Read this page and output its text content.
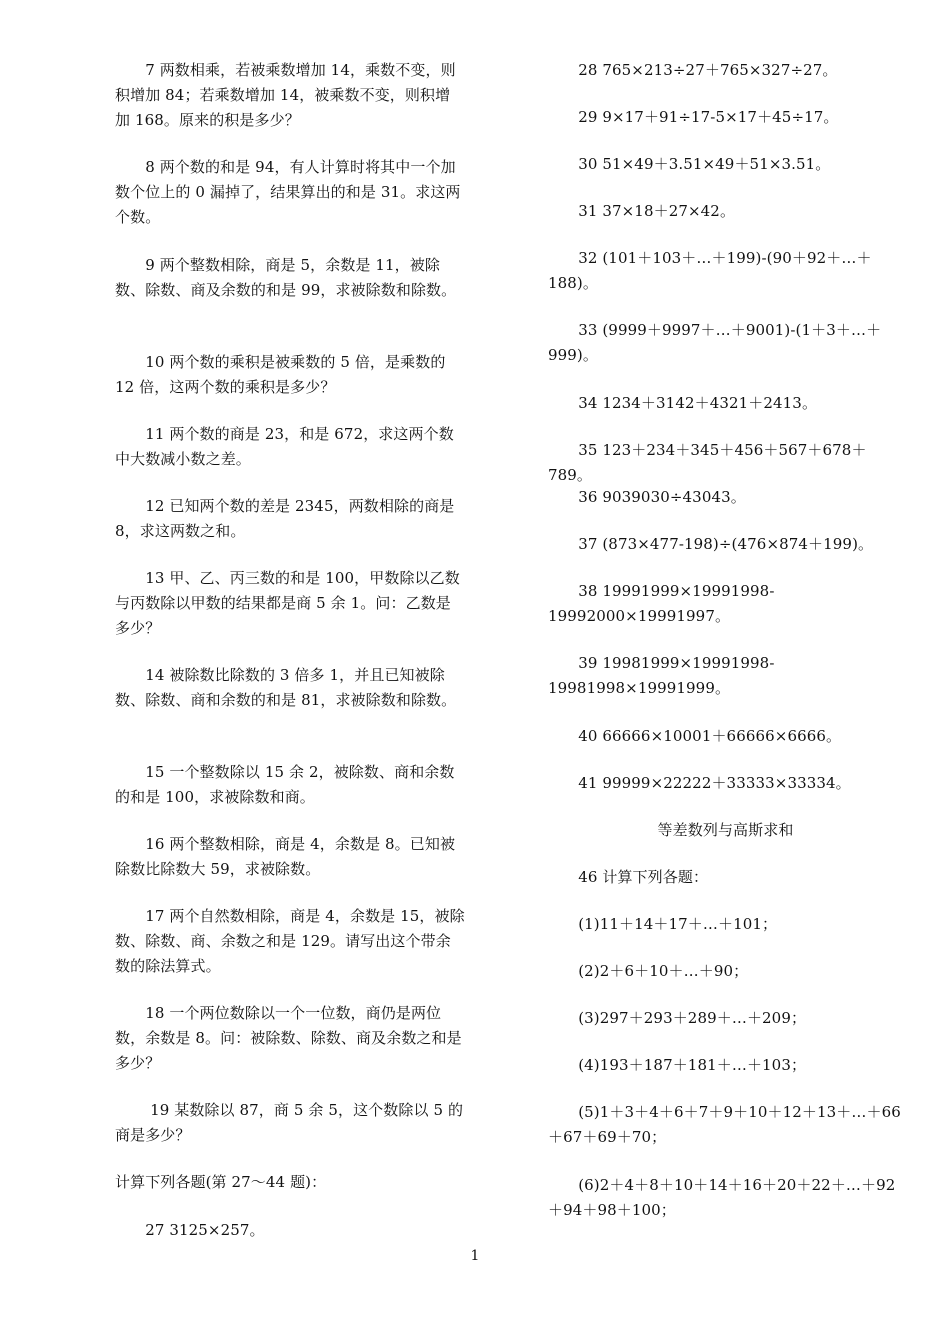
　　7 两数相乘，若被乘数增加 14，乘数不变，则积增加 84；若乘数增加 14，被乘数不变，则积增加 168。原来的积是多少？
　　8 两个数的和是 94，有人计算时将其中一个加数个位上的 0 漏掉了，结果算出的和是 31。求这两个数。
　　9 两个整数相除，商是 5，余数是 11，被除数、除数、商及余数的和是 99，求被除数和除数。
　　10 两个数的乘积是被乘数的 5 倍，是乘数的 12 倍，这两个数的乘积是多少？
　　11 两个数的商是 23，和是 672，求这两个数中大数减小数之差。
　　12 已知两个数的差是 2345，两数相除的商是 8，求这两数之和。
　　13 甲、乙、丙三数的和是 100，甲数除以乙数与丙数除以甲数的结果都是商 5 余 1。问：乙数是多少？
　　14 被除数比除数的 3 倍多 1，并且已知被除数、除数、商和余数的和是 81，求被除数和除数。
　　15 一个整数除以 15 余 2，被除数、商和余数的和是 100，求被除数和商。
　　16 两个整数相除，商是 4，余数是 8。已知被除数比除数大 59，求被除数。
　　17 两个自然数相除，商是 4，余数是 15，被除数、除数、商、余数之和是 129。请写出这个带余数的除法算式。
　　18 一个两位数除以一个一位数，商仍是两位数，余数是 8。问：被除数、除数、商及余数之和是多少？
　　 19 某数除以 87，商 5 余 5，这个数除以 5 的商是多少？
计算下列各题(第 27～44 题)：
　　27 3125×257。
　　28 765×213÷27＋765×327÷27。
　　29 9×17＋91÷17-5×17＋45÷17。
　　30 51×49＋3.51×49＋51×3.51。
　　31 37×18＋27×42。
　　32 (101＋103＋…＋199)-(90＋92＋…＋188)。
　　33 (9999＋9997＋…＋9001)-(1＋3＋…＋999)。
　　34 1234＋3142＋4321＋2413。
　　35 123＋234＋345＋456＋567＋678＋789。
　　36 9039030÷43043。
　　37 (873×477-198)÷(476×874＋199)。
　　38 19991999×19991998-19992000×19991997。
　　39 19981999×19991998-19981998×19991999。
　　40 66666×10001＋66666×6666。
　　41 99999×22222＋33333×33334。
等差数列与高斯求和
　　46 计算下列各题：
　　(1)11＋14＋17＋…＋101；
　　(2)2＋6＋10＋…＋90；
　　(3)297＋293＋289＋…＋209；
　　(4)193＋187＋181＋…＋103；
　　(5)1＋3＋4＋6＋7＋9＋10＋12＋13＋…＋66＋67＋69＋70；
　　(6)2＋4＋8＋10＋14＋16＋20＋22＋…＋92＋94＋98＋100；
1
